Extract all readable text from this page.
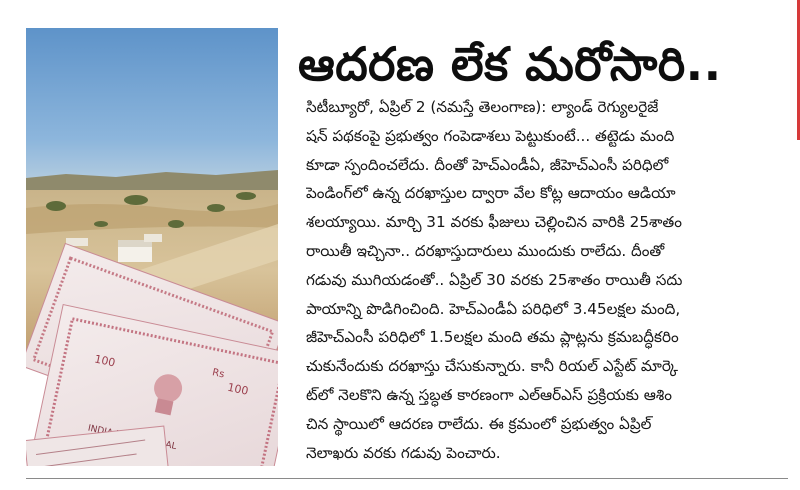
100
Rs
100
INDIA
ఆదరణ లేక మరోసారి..
సిటీబ్యూరో, ఏప్రిల్ 2 (నమస్తే తెలంగాణ): ల్యాండ్ రెగ్యులరైజే
షన్ పథకంపై ప్రభుత్వం గంపెడాశలు పెట్టుకుంటే... తట్టెడు మంది
కూడా స్పందించలేదు. దీంతో హెచ్ఎండీఏ, జీహెచ్ఎంసీ పరిధిలో
పెండింగ్‌లో ఉన్న దరఖాస్తుల ద్వారా వేల కోట్ల ఆదాయం ఆడియా
శలయ్యాయి. మార్చి 31 వరకు ఫీజులు చెల్లించిన వారికి 25శాతం
రాయితీ ఇచ్చినా.. దరఖాస్తుదారులు ముందుకు రాలేదు. దీంతో
గడువు ముగియడంతో.. ఏప్రిల్ 30 వరకు 25శాతం రాయితీ సదు
పాయాన్ని పొడిగించింది. హెచ్ఎండీఏ పరిధిలో 3.45లక్షల మంది,
జీహెచ్ఎంసీ పరిధిలో 1.5లక్షల మంది తమ ప్లాట్లను క్రమబద్ధీకరిం
చుకునేందుకు దరఖాస్తు చేసుకున్నారు. కానీ రియల్ ఎస్టేట్ మార్కె
ట్‌లో నెలకొని ఉన్న స్తబ్ధత కారణంగా ఎల్ఆర్ఎస్ ప్రక్రియకు ఆశిం
చిన స్థాయిలో ఆదరణ రాలేదు. ఈ క్రమంలో ప్రభుత్వం ఏప్రిల్
నెలాఖరు వరకు గడువు పెంచారు.
